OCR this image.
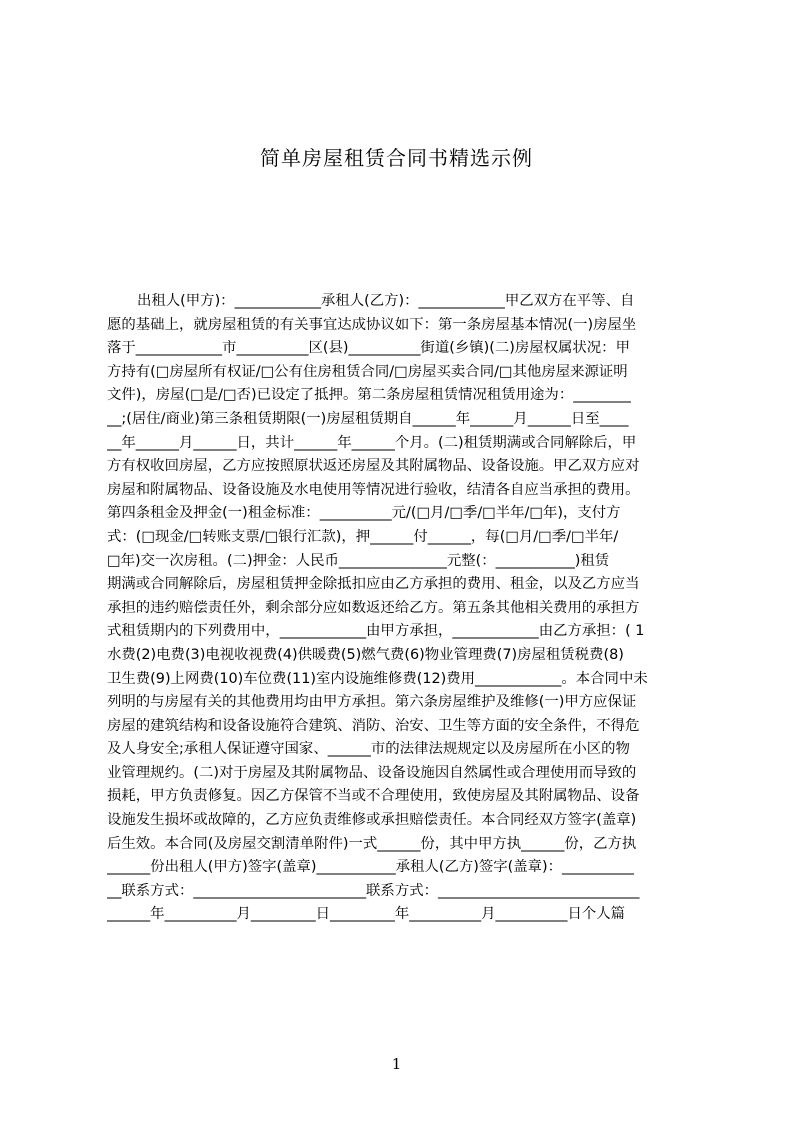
简单房屋租赁合同书精选示例
出租人(甲方)：____________承租人(乙方)：____________甲乙双方在平等、自
愿的基础上，就房屋租赁的有关事宜达成协议如下：第一条房屋基本情况(一)房屋坐
落于____________市__________区(县)__________街道(乡镇)(二)房屋权属状况：甲
方持有(□房屋所有权证/□公有住房租赁合同/□房屋买卖合同/□其他房屋来源证明
文件)，房屋(□是/□否)已设定了抵押。第二条房屋租赁情况租赁用途为：________
__;(居住/商业)第三条租赁期限(一)房屋租赁期自______年______月______日至____
__年______月______日，共计______年______个月。(二)租赁期满或合同解除后，甲
方有权收回房屋，乙方应按照原状返还房屋及其附属物品、设备设施。甲乙双方应对
房屋和附属物品、设备设施及水电使用等情况进行验收，结清各自应当承担的费用。
第四条租金及押金(一)租金标准：__________元/(□月/□季/□半年/□年)，支付方
式：(□现金/□转账支票/□银行汇款)，押______付______，每(□月/□季/□半年/
□年)交一次房租。(二)押金：人民币_______________元整(：___________)租赁
期满或合同解除后，房屋租赁押金除抵扣应由乙方承担的费用、租金，以及乙方应当
承担的违约赔偿责任外，剩余部分应如数返还给乙方。第五条其他相关费用的承担方
式租赁期内的下列费用中，____________由甲方承担，____________由乙方承担：( 1
水费(2)电费(3)电视收视费(4)供暖费(5)燃气费(6)物业管理费(7)房屋租赁税费(8)
卫生费(9)上网费(10)车位费(11)室内设施维修费(12)费用____________。本合同中未
列明的与房屋有关的其他费用均由甲方承担。第六条房屋维护及维修(一)甲方应保证
房屋的建筑结构和设备设施符合建筑、消防、治安、卫生等方面的安全条件，不得危
及人身安全;承租人保证遵守国家、______市的法律法规规定以及房屋所在小区的物
业管理规约。(二)对于房屋及其附属物品、设备设施因自然属性或合理使用而导致的
损耗，甲方负责修复。因乙方保管不当或不合理使用，致使房屋及其附属物品、设备
设施发生损坏或故障的，乙方应负责维修或承担赔偿责任。本合同经双方签字(盖章)
后生效。本合同(及房屋交割清单附件)一式______份，其中甲方执______份，乙方执
______份出租人(甲方)签字(盖章)___________承租人(乙方)签字(盖章)：__________
__联系方式：________________________联系方式：____________________________
______年__________月_________日_________年__________月__________日个人篇
1
